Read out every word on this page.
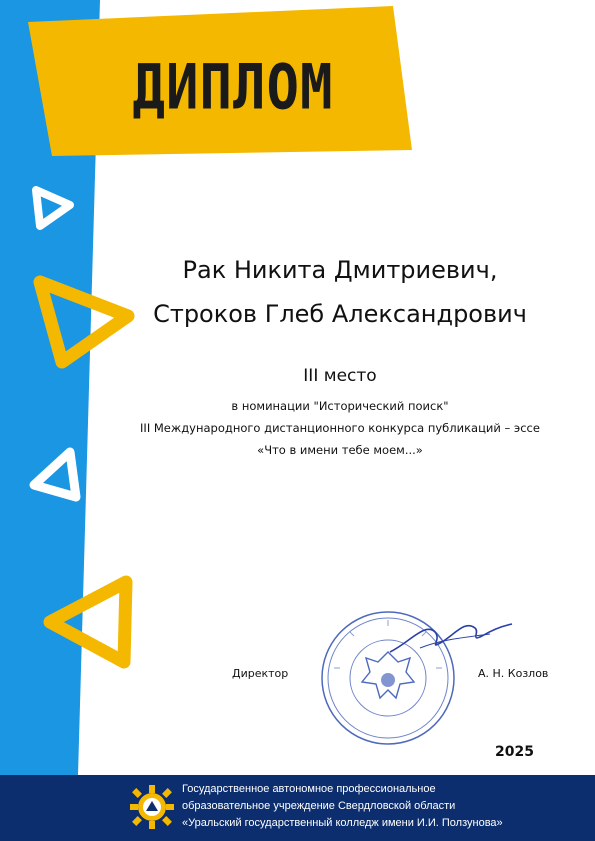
ДИПЛОМ
Рак Никита Дмитриевич,
Строков Глеб Александрович
III место
в номинации "Исторический поиск"
III Международного дистанционного конкурса публикаций – эссе
«Что в имени тебе моем...»
Директор	А. Н. Козлов
2025
Государственное автономное профессиональное
образовательное учреждение Свердловской области
«Уральский государственный колледж имени И.И. Ползунова»
